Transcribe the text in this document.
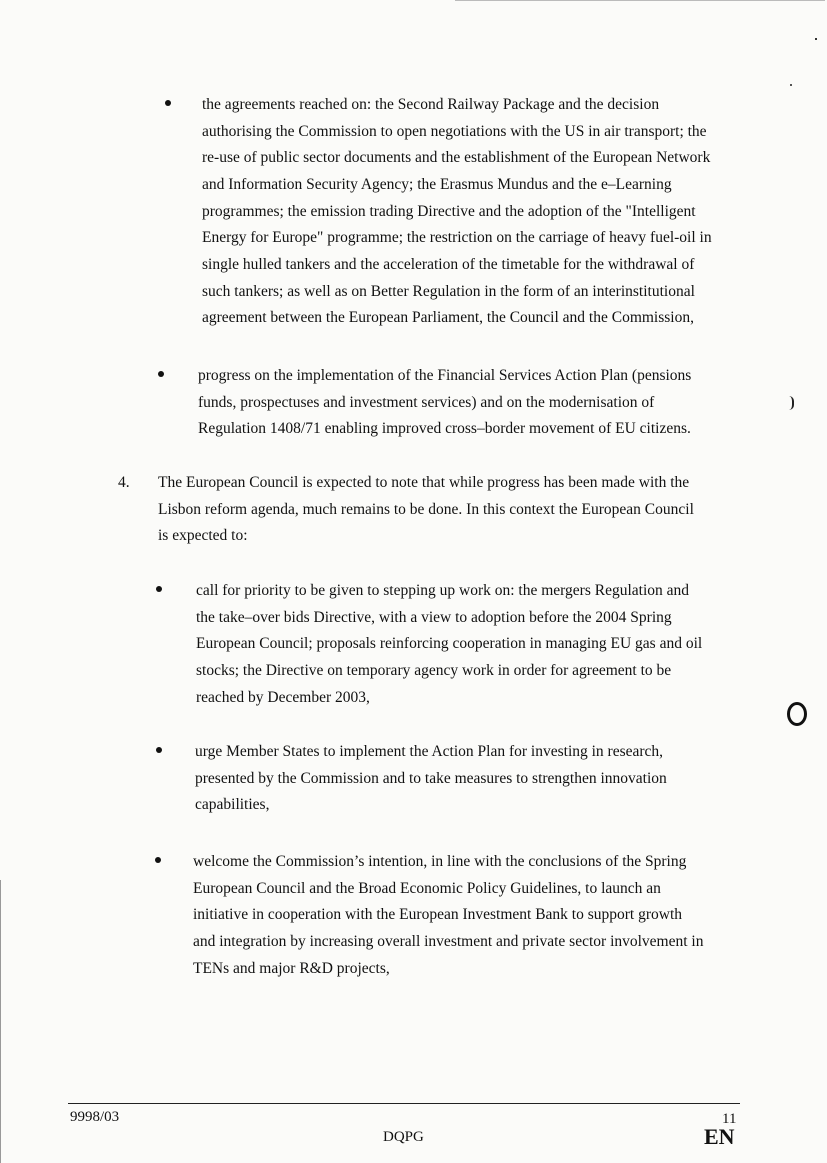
the agreements reached on: the Second Railway Package and the decision
authorising the Commission to open negotiations with the US in air transport; the
re-use of public sector documents and the establishment of the European Network
and Information Security Agency; the Erasmus Mundus and the e–Learning
programmes; the emission trading Directive and the adoption of the "Intelligent
Energy for Europe" programme; the restriction on the carriage of heavy fuel-oil in
single hulled tankers and the acceleration of the timetable for the withdrawal of
such tankers; as well as on Better Regulation in the form of an interinstitutional
agreement between the European Parliament, the Council and the Commission,
progress on the implementation of the Financial Services Action Plan (pensions
funds, prospectuses and investment services) and on the modernisation of
Regulation 1408/71 enabling improved cross–border movement of EU citizens.
4. The European Council is expected to note that while progress has been made with the
Lisbon reform agenda, much remains to be done. In this context the European Council
is expected to:
call for priority to be given to stepping up work on: the mergers Regulation and
the take–over bids Directive, with a view to adoption before the 2004 Spring
European Council; proposals reinforcing cooperation in managing EU gas and oil
stocks; the Directive on temporary agency work in order for agreement to be
reached by December 2003,
urge Member States to implement the Action Plan for investing in research,
presented by the Commission and to take measures to strengthen innovation
capabilities,
welcome the Commission’s intention, in line with the conclusions of the Spring
European Council and the Broad Economic Policy Guidelines, to launch an
initiative in cooperation with the European Investment Bank to support growth
and integration by increasing overall investment and private sector involvement in
TENs and major R&D projects,
9998/03	11
DQPG	EN
